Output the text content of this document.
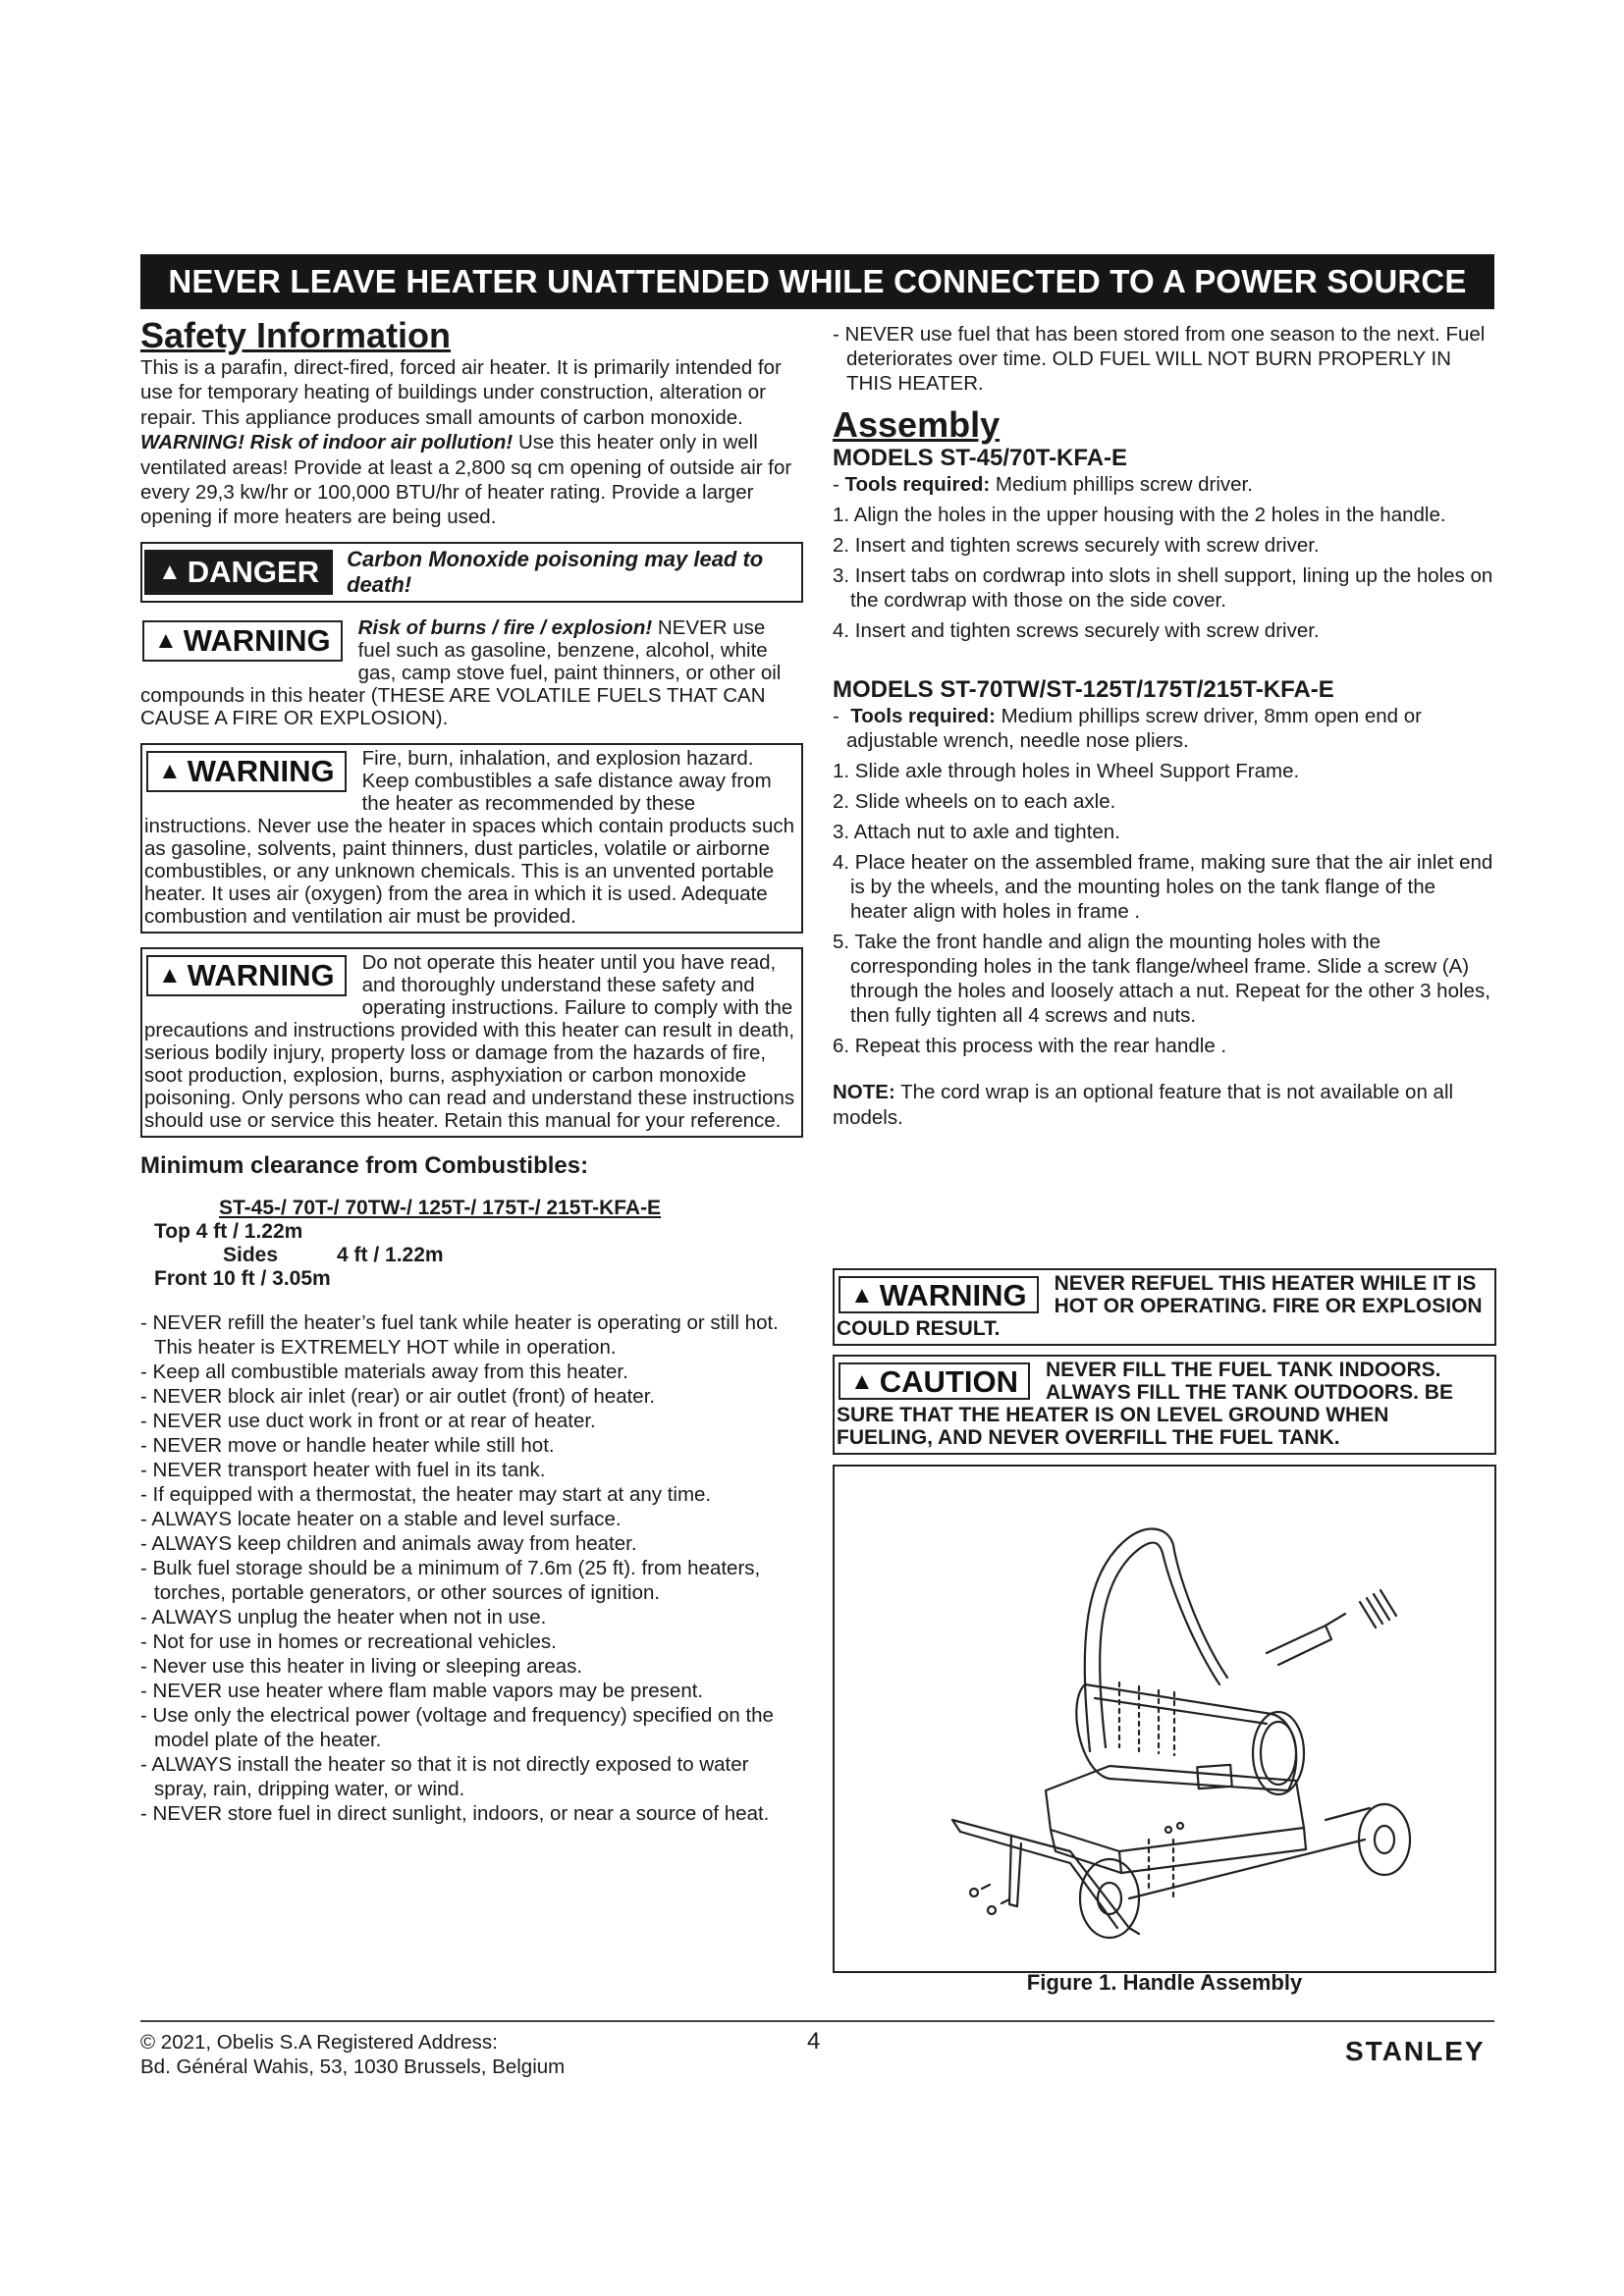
NEVER LEAVE HEATER UNATTENDED WHILE CONNECTED TO A POWER SOURCE
Safety Information

This is a parafin, direct-fired, forced air heater. It is primarily intended for use for temporary heating of buildings under construction, alteration or repair. This appliance produces small amounts of carbon monoxide. WARNING! Risk of indoor air pollution! Use this heater only in well ventilated areas! Provide at least a 2,800 sq cm opening of outside air for every 29,3 kw/hr or 100,000 BTU/hr of heater rating. Provide a larger opening if more heaters are being used.

▲ DANGER Carbon Monoxide poisoning may lead to death!
▲ WARNING Risk of burns / fire / explosion! NEVER use fuel such as gasoline, benzene, alcohol, white gas, camp stove fuel, paint thinners, or other oil compounds in this heater (THESE ARE VOLATILE FUELS THAT CAN CAUSE A FIRE OR EXPLOSION).
▲ WARNING Fire, burn, inhalation, and explosion hazard. Keep combustibles a safe distance away from the heater as recommended by these instructions. Never use the heater in spaces which contain products such as gasoline, solvents, paint thinners, dust particles, volatile or airborne combustibles, or any unknown chemicals. This is an unvented portable heater. It uses air (oxygen) from the area in which it is used. Adequate combustion and ventilation air must be provided.
▲ WARNING Do not operate this heater until you have read, and thoroughly understand these safety and operating instructions. Failure to comply with the precautions and instructions provided with this heater can result in death, serious bodily injury, property loss or damage from the hazards of fire, soot production, explosion, burns, asphyxiation or carbon monoxide poisoning. Only persons who can read and understand these instructions should use or service this heater. Retain this manual for your reference.
Minimum clearance from Combustibles:
ST-45-/ 70T-/ 70TW-/ 125T-/ 175T-/ 215T-KFA-E
Top 4 ft / 1.22m
Sides	4 ft / 1.22m
Front 10 ft / 3.05m
- NEVER refill the heater’s fuel tank while heater is operating or still hot. This heater is EXTREMELY HOT while in operation.
- Keep all combustible materials away from this heater.
- NEVER block air inlet (rear) or air outlet (front) of heater.
- NEVER use duct work in front or at rear of heater.
- NEVER move or handle heater while still hot.
- NEVER transport heater with fuel in its tank.
- If equipped with a thermostat, the heater may start at any time.
- ALWAYS locate heater on a stable and level surface.
- ALWAYS keep children and animals away from heater.
- Bulk fuel storage should be a minimum of 7.6m (25 ft). from heaters, torches, portable generators, or other sources of ignition.
- ALWAYS unplug the heater when not in use.
- Not for use in homes or recreational vehicles.
- Never use this heater in living or sleeping areas.
- NEVER use heater where flam mable vapors may be present.
- Use only the electrical power (voltage and frequency) specified on the model plate of the heater.
- ALWAYS install the heater so that it is not directly exposed to water spray, rain, dripping water, or wind.
- NEVER store fuel in direct sunlight, indoors, or near a source of heat.
- NEVER use fuel that has been stored from one season to the next. Fuel deteriorates over time. OLD FUEL WILL NOT BURN PROPERLY IN THIS HEATER.
Assembly
MODELS ST-45/70T-KFA-E
- Tools required: Medium phillips screw driver.
1. Align the holes in the upper housing with the 2 holes in the handle.
2. Insert and tighten screws securely with screw driver.
3. Insert tabs on cordwrap into slots in shell support, lining up the holes on the cordwrap with those on the side cover.
4. Insert and tighten screws securely with screw driver.
MODELS ST-70TW/ST-125T/175T/215T-KFA-E
-  Tools required: Medium phillips screw driver, 8mm open end or adjustable wrench, needle nose pliers.
1. Slide axle through holes in Wheel Support Frame.
2. Slide wheels on to each axle.
3. Attach nut to axle and tighten.
4. Place heater on the assembled frame, making sure that the air inlet end is by the wheels, and the mounting holes on the tank flange of the heater align with holes in frame .
5. Take the front handle and align the mounting holes with the corresponding holes in the tank flange/wheel frame. Slide a screw (A) through the holes and loosely attach a nut. Repeat for the other 3 holes, then fully tighten all 4 screws and nuts.
6. Repeat this process with the rear handle .
NOTE: The cord wrap is an optional feature that is not available on all models.
▲ WARNING NEVER REFUEL THIS HEATER WHILE IT IS HOT OR OPERATING. FIRE OR EXPLOSION COULD RESULT.
▲ CAUTION NEVER FILL THE FUEL TANK INDOORS. ALWAYS FILL THE TANK OUTDOORS. BE SURE THAT THE HEATER IS ON LEVEL GROUND WHEN FUELING, AND NEVER OVERFILL THE FUEL TANK.
Figure 1. Handle Assembly
© 2021, Obelis S.A Registered Address:
Bd. Général Wahis, 53, 1030 Brussels, Belgium
4	STANLEY
